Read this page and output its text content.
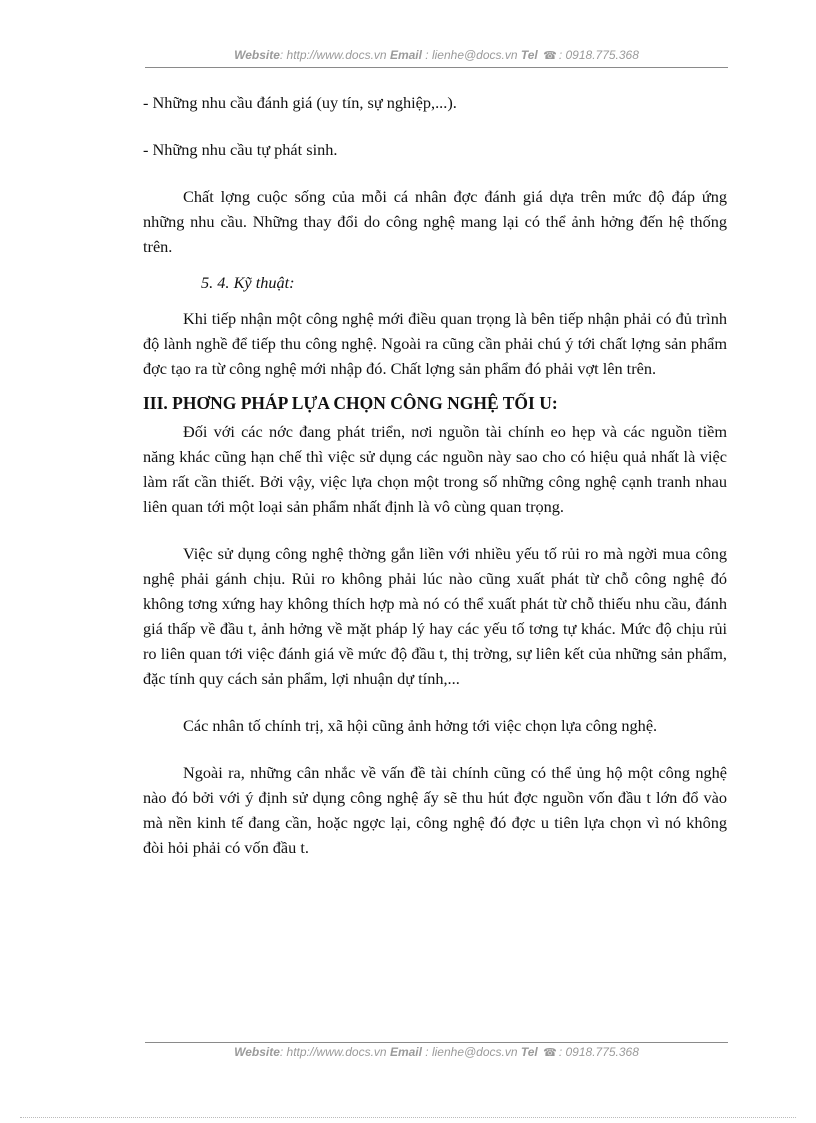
Website: http://www.docs.vn Email : lienhe@docs.vn Tel ☎ : 0918.775.368

- Những nhu cầu đánh giá (uy tín, sự nghiệp,...).

- Những nhu cầu tự phát sinh.

Chất lợng cuộc sống của mỗi cá nhân đợc đánh giá dựa trên mức độ đáp ứng những nhu cầu. Những thay đổi do công nghệ mang lại có thể ảnh hởng đến hệ thống trên.

5. 4. Kỹ thuật:

Khi tiếp nhận một công nghệ mới điều quan trọng là bên tiếp nhận phải có đủ trình độ lành nghề để tiếp thu công nghệ. Ngoài ra cũng cần phải chú ý tới chất lợng sản phẩm đợc tạo ra từ công nghệ mới nhập đó. Chất lợng sản phẩm đó phải vợt lên trên.

III. PHƠNG PHÁP LỰA CHỌN CÔNG NGHỆ TỐI U:

Đối với các nớc đang phát triển, nơi nguồn tài chính eo hẹp và các nguồn tiềm năng khác cũng hạn chế thì việc sử dụng các nguồn này sao cho có hiệu quả nhất là việc làm rất cần thiết. Bởi vậy, việc lựa chọn một trong số những công nghệ cạnh tranh nhau liên quan tới một loại sản phẩm nhất định là vô cùng quan trọng.

Việc sử dụng công nghệ thờng gắn liền với nhiều yếu tố rủi ro mà ngời mua công nghệ phải gánh chịu. Rủi ro không phải lúc nào cũng xuất phát từ chỗ công nghệ đó không tơng xứng hay không thích hợp mà nó có thể xuất phát từ chỗ thiếu nhu cầu, đánh giá thấp về đầu t, ảnh hởng về mặt pháp lý hay các yếu tố tơng tự khác. Mức độ chịu rủi ro liên quan tới việc đánh giá về mức độ đầu t, thị trờng, sự liên kết của những sản phẩm, đặc tính quy cách sản phẩm, lợi nhuận dự tính,...

Các nhân tố chính trị, xã hội cũng ảnh hởng tới việc chọn lựa công nghệ.

Ngoài ra, những cân nhắc về vấn đề tài chính cũng có thể ủng hộ một công nghệ nào đó bởi với ý định sử dụng công nghệ ấy sẽ thu hút đợc nguồn vốn đầu t lớn đổ vào mà nền kinh tế đang cần, hoặc ngợc lại, công nghệ đó đợc u tiên lựa chọn vì nó không đòi hỏi phải có vốn đầu t.

Website: http://www.docs.vn Email : lienhe@docs.vn Tel ☎ : 0918.775.368
